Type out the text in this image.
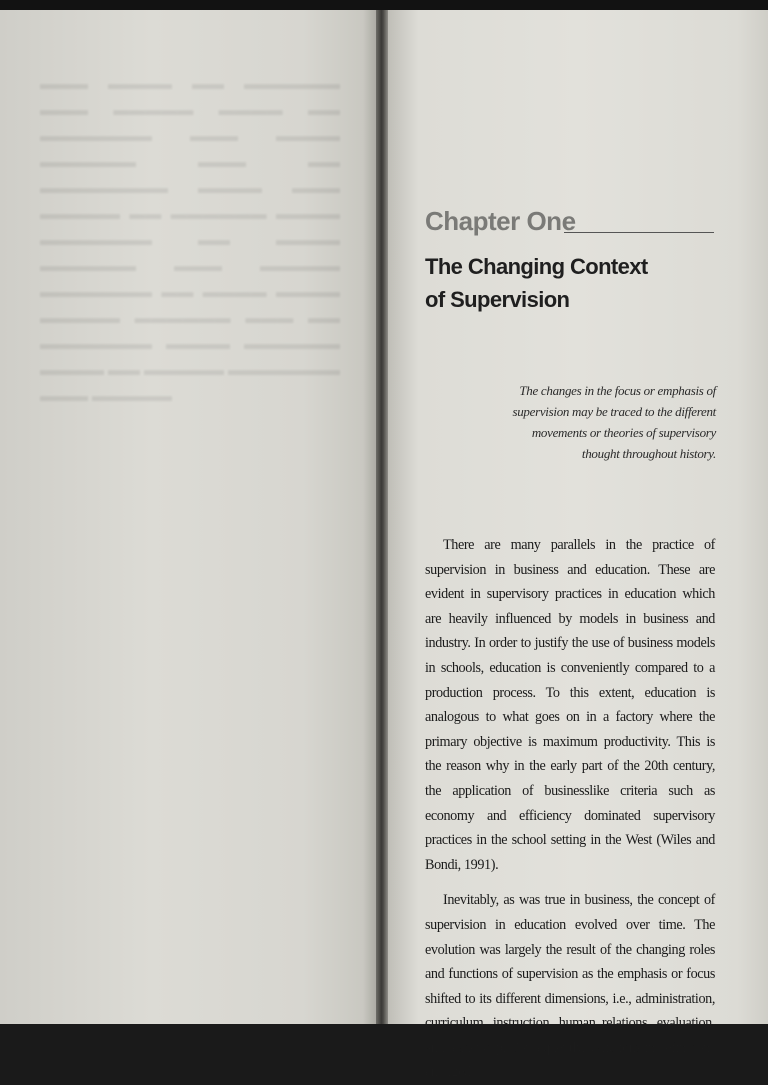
▬▬▬ ▬▬▬▬ ▬▬ ▬▬▬▬▬▬ ▬▬▬ ▬▬▬▬▬ ▬▬▬▬ ▬▬ ▬▬▬▬▬▬▬ ▬▬▬ ▬▬▬▬ ▬▬▬▬▬▬ ▬▬▬ ▬▬ ▬▬▬▬▬▬▬▬ ▬▬▬▬ ▬▬▬ ▬▬▬▬▬ ▬▬ ▬▬▬▬▬▬ ▬▬▬▬ ▬▬▬▬▬▬▬ ▬▬ ▬▬▬▬ ▬▬▬▬▬▬ ▬▬▬ ▬▬▬▬▬ ▬▬▬▬▬▬▬ ▬▬ ▬▬▬▬ ▬▬▬▬ ▬▬▬▬▬ ▬▬▬▬▬▬ ▬▬▬ ▬▬ ▬▬▬▬▬▬▬ ▬▬▬▬ ▬▬▬▬▬▬ ▬▬▬▬ ▬▬ ▬▬▬▬▬ ▬▬▬▬▬▬▬ ▬▬▬ ▬▬▬▬▬
Chapter One
The Changing Context
of Supervision
The changes in the focus or emphasis of supervision may be traced to the different movements or theories of supervisory thought throughout history.

There are many parallels in the practice of supervision in business and education. These are evident in supervisory practices in education which are heavily influenced by models in business and industry. In order to justify the use of business models in schools, education is conveniently compared to a production process. To this extent, education is analogous to what goes on in a factory where the primary objective is maximum productivity. This is the reason why in the early part of the 20th century, the application of businesslike criteria such as economy and efficiency dominated supervisory practices in the school setting in the West (Wiles and Bondi, 1991).

Inevitably, as was true in business, the concept of supervision in education evolved over time. The evolution was largely the result of the changing roles and functions of supervision as the emphasis or focus shifted to its different dimensions, i.e., administration, curriculum, instruction, human relations, evaluation, and leadership. Consequently, variations in definitions emerged.
